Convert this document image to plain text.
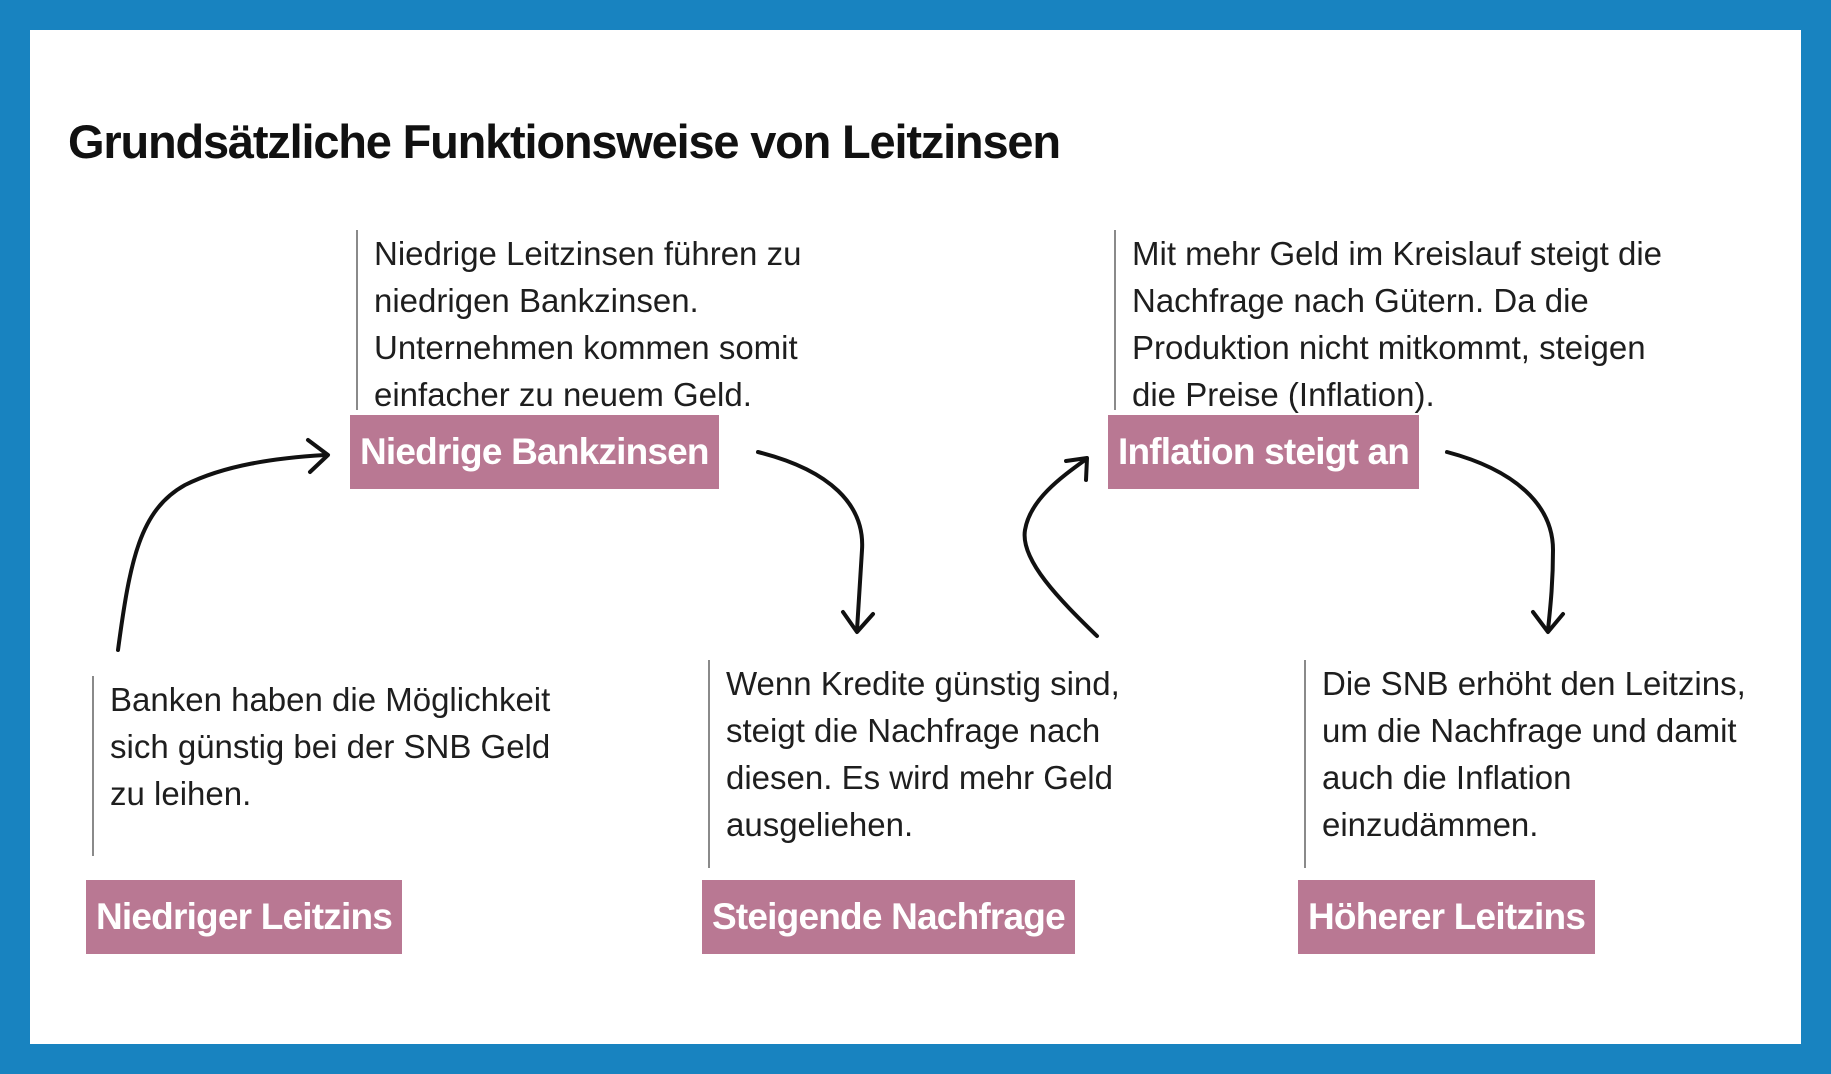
Grundsätzliche Funktionsweise von Leitzinsen
Banken haben die Möglichkeit sich günstig bei der SNB Geld zu leihen.
Niedriger Leitzins
Niedrige Leitzinsen führen zu niedrigen Bankzinsen. Unternehmen kommen somit einfacher zu neuem Geld.
Niedrige Bankzinsen
Wenn Kredite günstig sind, steigt die Nachfrage nach diesen. Es wird mehr Geld ausgeliehen.
Steigende Nachfrage
Mit mehr Geld im Kreislauf steigt die Nachfrage nach Gütern. Da die Produktion nicht mitkommt, steigen die Preise (Inflation).
Inflation steigt an
Die SNB erhöht den Leitzins, um die Nachfrage und damit auch die Inflation einzudämmen.
Höherer Leitzins
